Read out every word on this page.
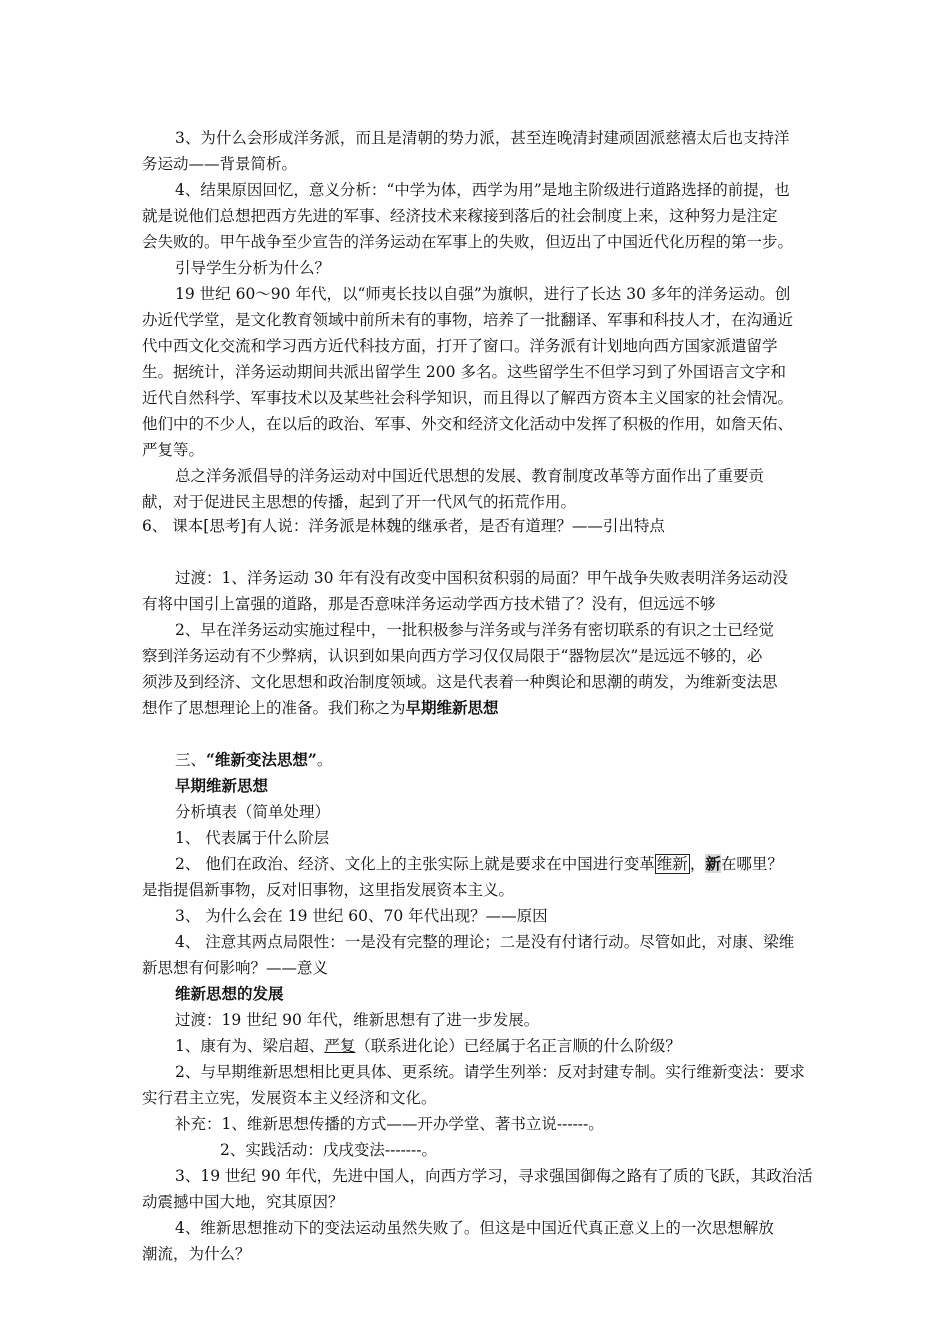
3、为什么会形成洋务派，而且是清朝的势力派，甚至连晚清封建顽固派慈禧太后也支持洋
务运动——背景简析。
4、结果原因回忆，意义分析：“中学为体，西学为用”是地主阶级进行道路选择的前提，也
就是说他们总想把西方先进的军事、经济技术来稼接到落后的社会制度上来，这种努力是注定
会失败的。甲午战争至少宣告的洋务运动在军事上的失败，但迈出了中国近代化历程的第一步。
引导学生分析为什么？
19 世纪 60～90 年代，以“师夷长技以自强”为旗帜，进行了长达 30 多年的洋务运动。创
办近代学堂，是文化教育领域中前所未有的事物，培养了一批翻译、军事和科技人才，在沟通近
代中西文化交流和学习西方近代科技方面，打开了窗口。洋务派有计划地向西方国家派遣留学
生。据统计，洋务运动期间共派出留学生 200 多名。这些留学生不但学习到了外国语言文字和
近代自然科学、军事技术以及某些社会科学知识，而且得以了解西方资本主义国家的社会情况。
他们中的不少人，在以后的政治、军事、外交和经济文化活动中发挥了积极的作用，如詹天佑、
严复等。
总之洋务派倡导的洋务运动对中国近代思想的发展、教育制度改革等方面作出了重要贡
献，对于促进民主思想的传播，起到了开一代风气的拓荒作用。
6、 课本[思考]有人说：洋务派是林魏的继承者，是否有道理？——引出特点
过渡：1、洋务运动 30 年有没有改变中国积贫积弱的局面？甲午战争失败表明洋务运动没
有将中国引上富强的道路，那是否意味洋务运动学西方技术错了？没有，但远远不够
2、早在洋务运动实施过程中，一批积极参与洋务或与洋务有密切联系的有识之士已经觉
察到洋务运动有不少弊病，认识到如果向西方学习仅仅局限于“器物层次”是远远不够的，必
须涉及到经济、文化思想和政治制度领域。这是代表着一种舆论和思潮的萌发，为维新变法思
想作了思想理论上的准备。我们称之为早期维新思想
三、“维新变法思想”。
早期维新思想
分析填表（简单处理）
1、 代表属于什么阶层
2、 他们在政治、经济、文化上的主张实际上就是要求在中国进行变革 维新 ，新在哪里？
是指提倡新事物，反对旧事物，这里指发展资本主义。
3、 为什么会在 19 世纪 60、70 年代出现？——原因
4、 注意其两点局限性：一是没有完整的理论；二是没有付诸行动。尽管如此，对康、梁维
新思想有何影响？——意义
维新思想的发展
过渡：19 世纪 90 年代，维新思想有了进一步发展。
1、康有为、梁启超、严复（联系进化论）已经属于名正言顺的什么阶级？
2、与早期维新思想相比更具体、更系统。请学生列举：反对封建专制。实行维新变法：要求
实行君主立宪，发展资本主义经济和文化。
补充：1、维新思想传播的方式——开办学堂、著书立说------。
2、实践活动：戊戌变法-------。
3、19 世纪 90 年代，先进中国人，向西方学习，寻求强国御侮之路有了质的飞跃，其政治活
动震撼中国大地，究其原因？
4、维新思想推动下的变法运动虽然失败了。但这是中国近代真正意义上的一次思想解放
潮流，为什么？
